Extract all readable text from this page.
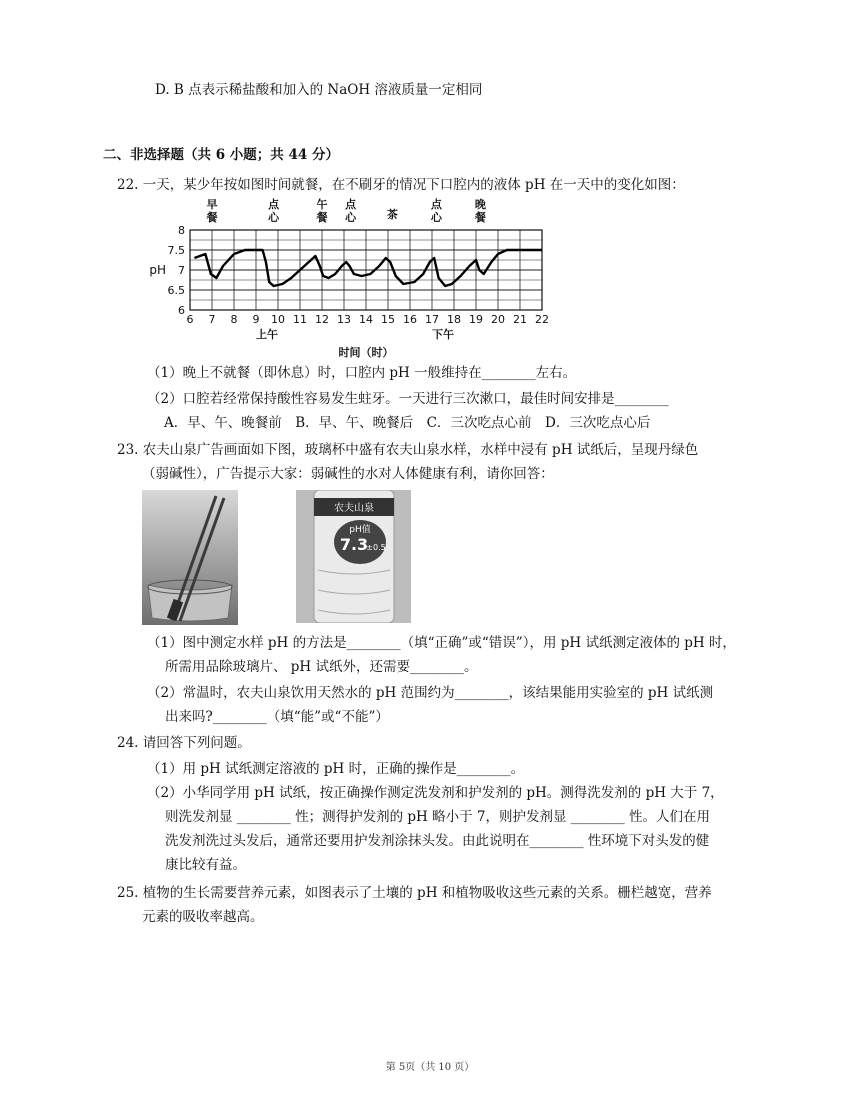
D. B 点表示稀盐酸和加入的 NaOH 溶液质量一定相同
二、非选择题（共 6 小题；共 44 分）
22. 一天，某少年按如图时间就餐，在不刷牙的情况下口腔内的液体 pH 在一天中的变化如图：
6 7 8 9 10 11 12 13 14 15 16 17 18 19 20 21 22
6
6.5
7
7.5
8
pH
时间（时）
上午	下午
早
餐
点
心
午
餐
点
心	茶
点
心
晚
餐
（1）晚上不就餐（即休息）时，口腔内 pH 一般维持在________左右。
（2）口腔若经常保持酸性容易发生蛀牙。一天进行三次漱口，最佳时间安排是________
A．早、午、晚餐前　B．早、午、晚餐后　C．三次吃点心前　D．三次吃点心后
23. 农夫山泉广告画面如下图，玻璃杯中盛有农夫山泉水样，水样中浸有 pH 试纸后，呈现丹绿色
（弱碱性），广告提示大家：弱碱性的水对人体健康有利，请你回答：
农夫山泉
pH值
7.3
±0.5
（1）图中测定水样 pH 的方法是________（填“正确”或“错误”），用 pH 试纸测定液体的 pH 时，
所需用品除玻璃片、 pH 试纸外，还需要________。
（2）常温时，农夫山泉饮用天然水的 pH 范围约为________，该结果能用实验室的 pH 试纸测
出来吗?________（填“能”或“不能”）
24. 请回答下列问题。
（1）用 pH 试纸测定溶液的 pH 时，正确的操作是________。
（2）小华同学用 pH 试纸，按正确操作测定洗发剂和护发剂的 pH。测得洗发剂的 pH 大于 7，
则洗发剂显 ________ 性；测得护发剂的 pH 略小于 7，则护发剂显 ________ 性。人们在用
洗发剂洗过头发后，通常还要用护发剂涂抹头发。由此说明在________ 性环境下对头发的健
康比较有益。
25. 植物的生长需要营养元素，如图表示了土壤的 pH 和植物吸收这些元素的关系。栅栏越宽，营养
元素的吸收率越高。
第 5页（共 10 页）
